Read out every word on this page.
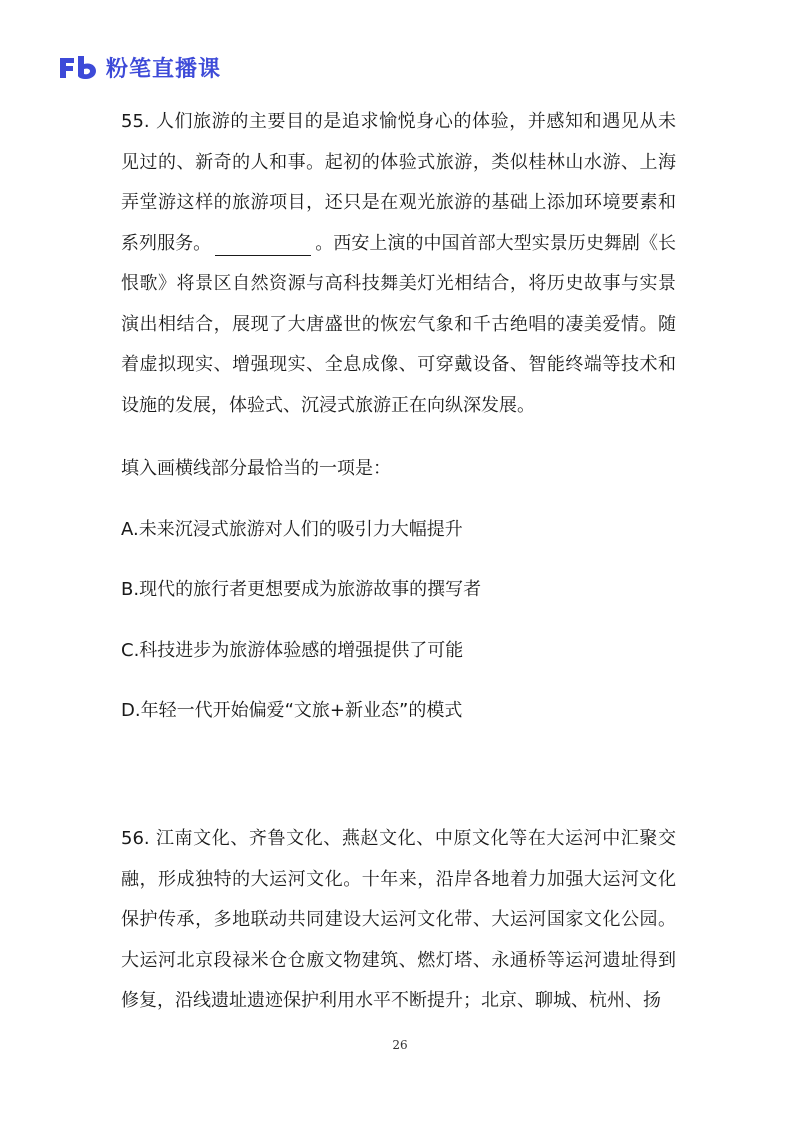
粉笔直播课

55. 人们旅游的主要目的是追求愉悦身心的体验，并感知和遇见从未见过的、新奇的人和事。起初的体验式旅游，类似桂林山水游、上海弄堂游这样的旅游项目，还只是在观光旅游的基础上添加环境要素和系列服务。	。西安上演的中国首部大型实景历史舞剧《长恨歌》将景区自然资源与高科技舞美灯光相结合，将历史故事与实景演出相结合，展现了大唐盛世的恢宏气象和千古绝唱的凄美爱情。随着虚拟现实、增强现实、全息成像、可穿戴设备、智能终端等技术和设施的发展，体验式、沉浸式旅游正在向纵深发展。

填入画横线部分最恰当的一项是：

A.未来沉浸式旅游对人们的吸引力大幅提升

B.现代的旅行者更想要成为旅游故事的撰写者

C.科技进步为旅游体验感的增强提供了可能

D.年轻一代开始偏爱“文旅+新业态”的模式

56. 江南文化、齐鲁文化、燕赵文化、中原文化等在大运河中汇聚交融，形成独特的大运河文化。十年来，沿岸各地着力加强大运河文化保护传承，多地联动共同建设大运河文化带、大运河国家文化公园。大运河北京段禄米仓仓廒文物建筑、燃灯塔、永通桥等运河遗址得到修复，沿线遗址遗迹保护利用水平不断提升；北京、聊城、杭州、扬

26
